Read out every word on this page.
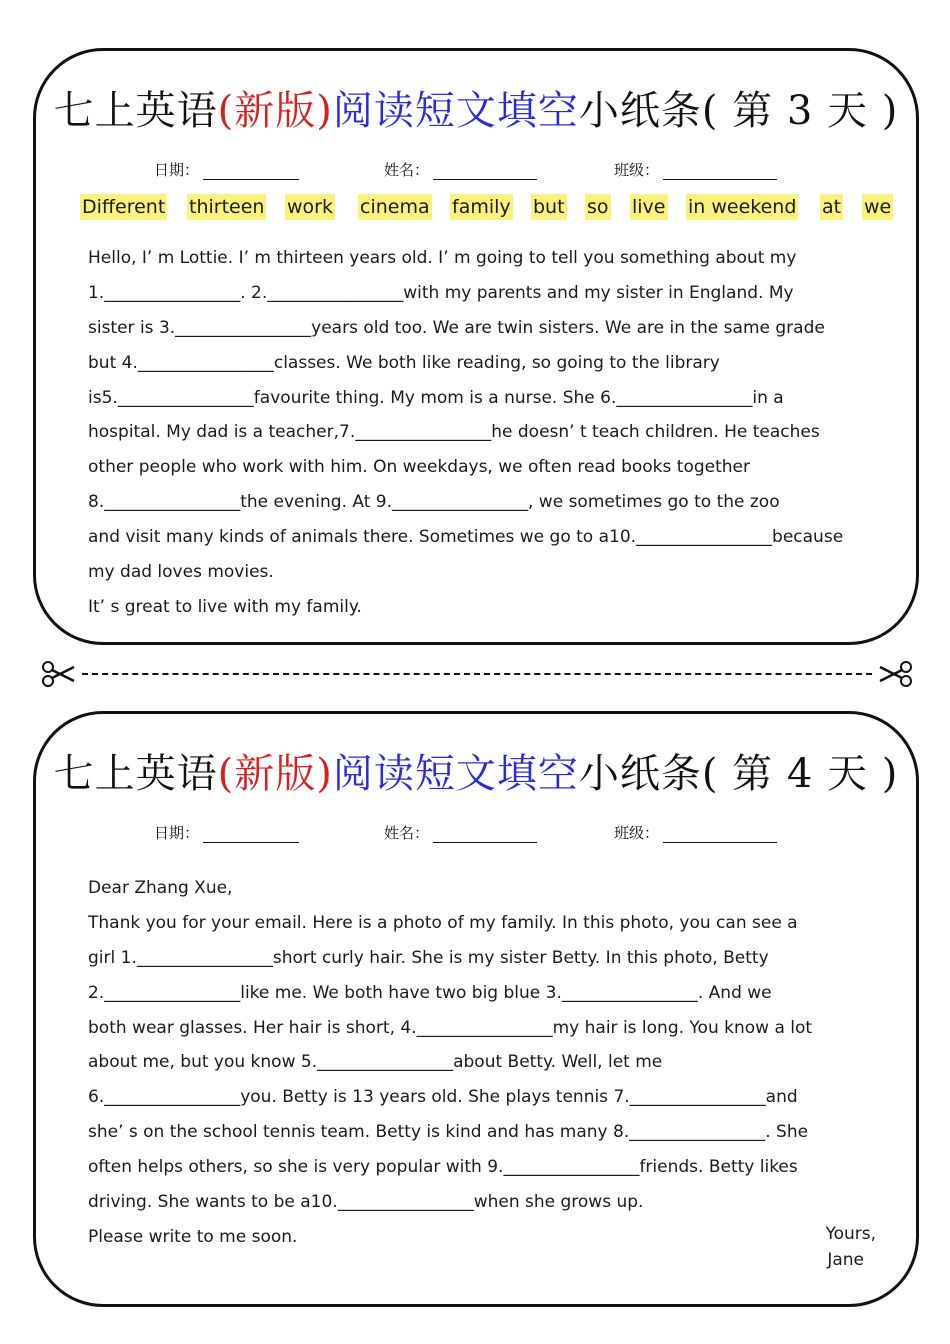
七上英语(新版)阅读短文填空小纸条( 第 3 天 )
日期：	姓名：	班级：
Different thirteen work cinema family but so live in weekend at we
Hello, I’ m Lottie. I’ m thirteen years old. I’ m going to tell you something about my
1.________________. 2.________________with my parents and my sister in England. My
sister is 3.________________years old too. We are twin sisters. We are in the same grade
but 4.________________classes. We both like reading, so going to the library
is5.________________favourite thing. My mom is a nurse. She 6.________________in a
hospital. My dad is a teacher,7.________________he doesn’ t teach children. He teaches
other people who work with him. On weekdays, we often read books together
8.________________the evening. At 9.________________, we sometimes go to the zoo
and visit many kinds of animals there. Sometimes we go to a10.________________because
my dad loves movies.
It’ s great to live with my family.
七上英语(新版)阅读短文填空小纸条( 第 4 天 )
日期：	姓名：	班级：
Dear Zhang Xue,
Thank you for your email. Here is a photo of my family. In this photo, you can see a
girl 1.________________short curly hair. She is my sister Betty. In this photo, Betty
2.________________like me. We both have two big blue 3.________________. And we
both wear glasses. Her hair is short, 4.________________my hair is long. You know a lot
about me, but you know 5.________________about Betty. Well, let me
6.________________you. Betty is 13 years old. She plays tennis 7.________________and
she’ s on the school tennis team. Betty is kind and has many 8.________________. She
often helps others, so she is very popular with 9.________________friends. Betty likes
driving. She wants to be a10.________________when she grows up.
Please write to me soon.	Yours,
Jane
